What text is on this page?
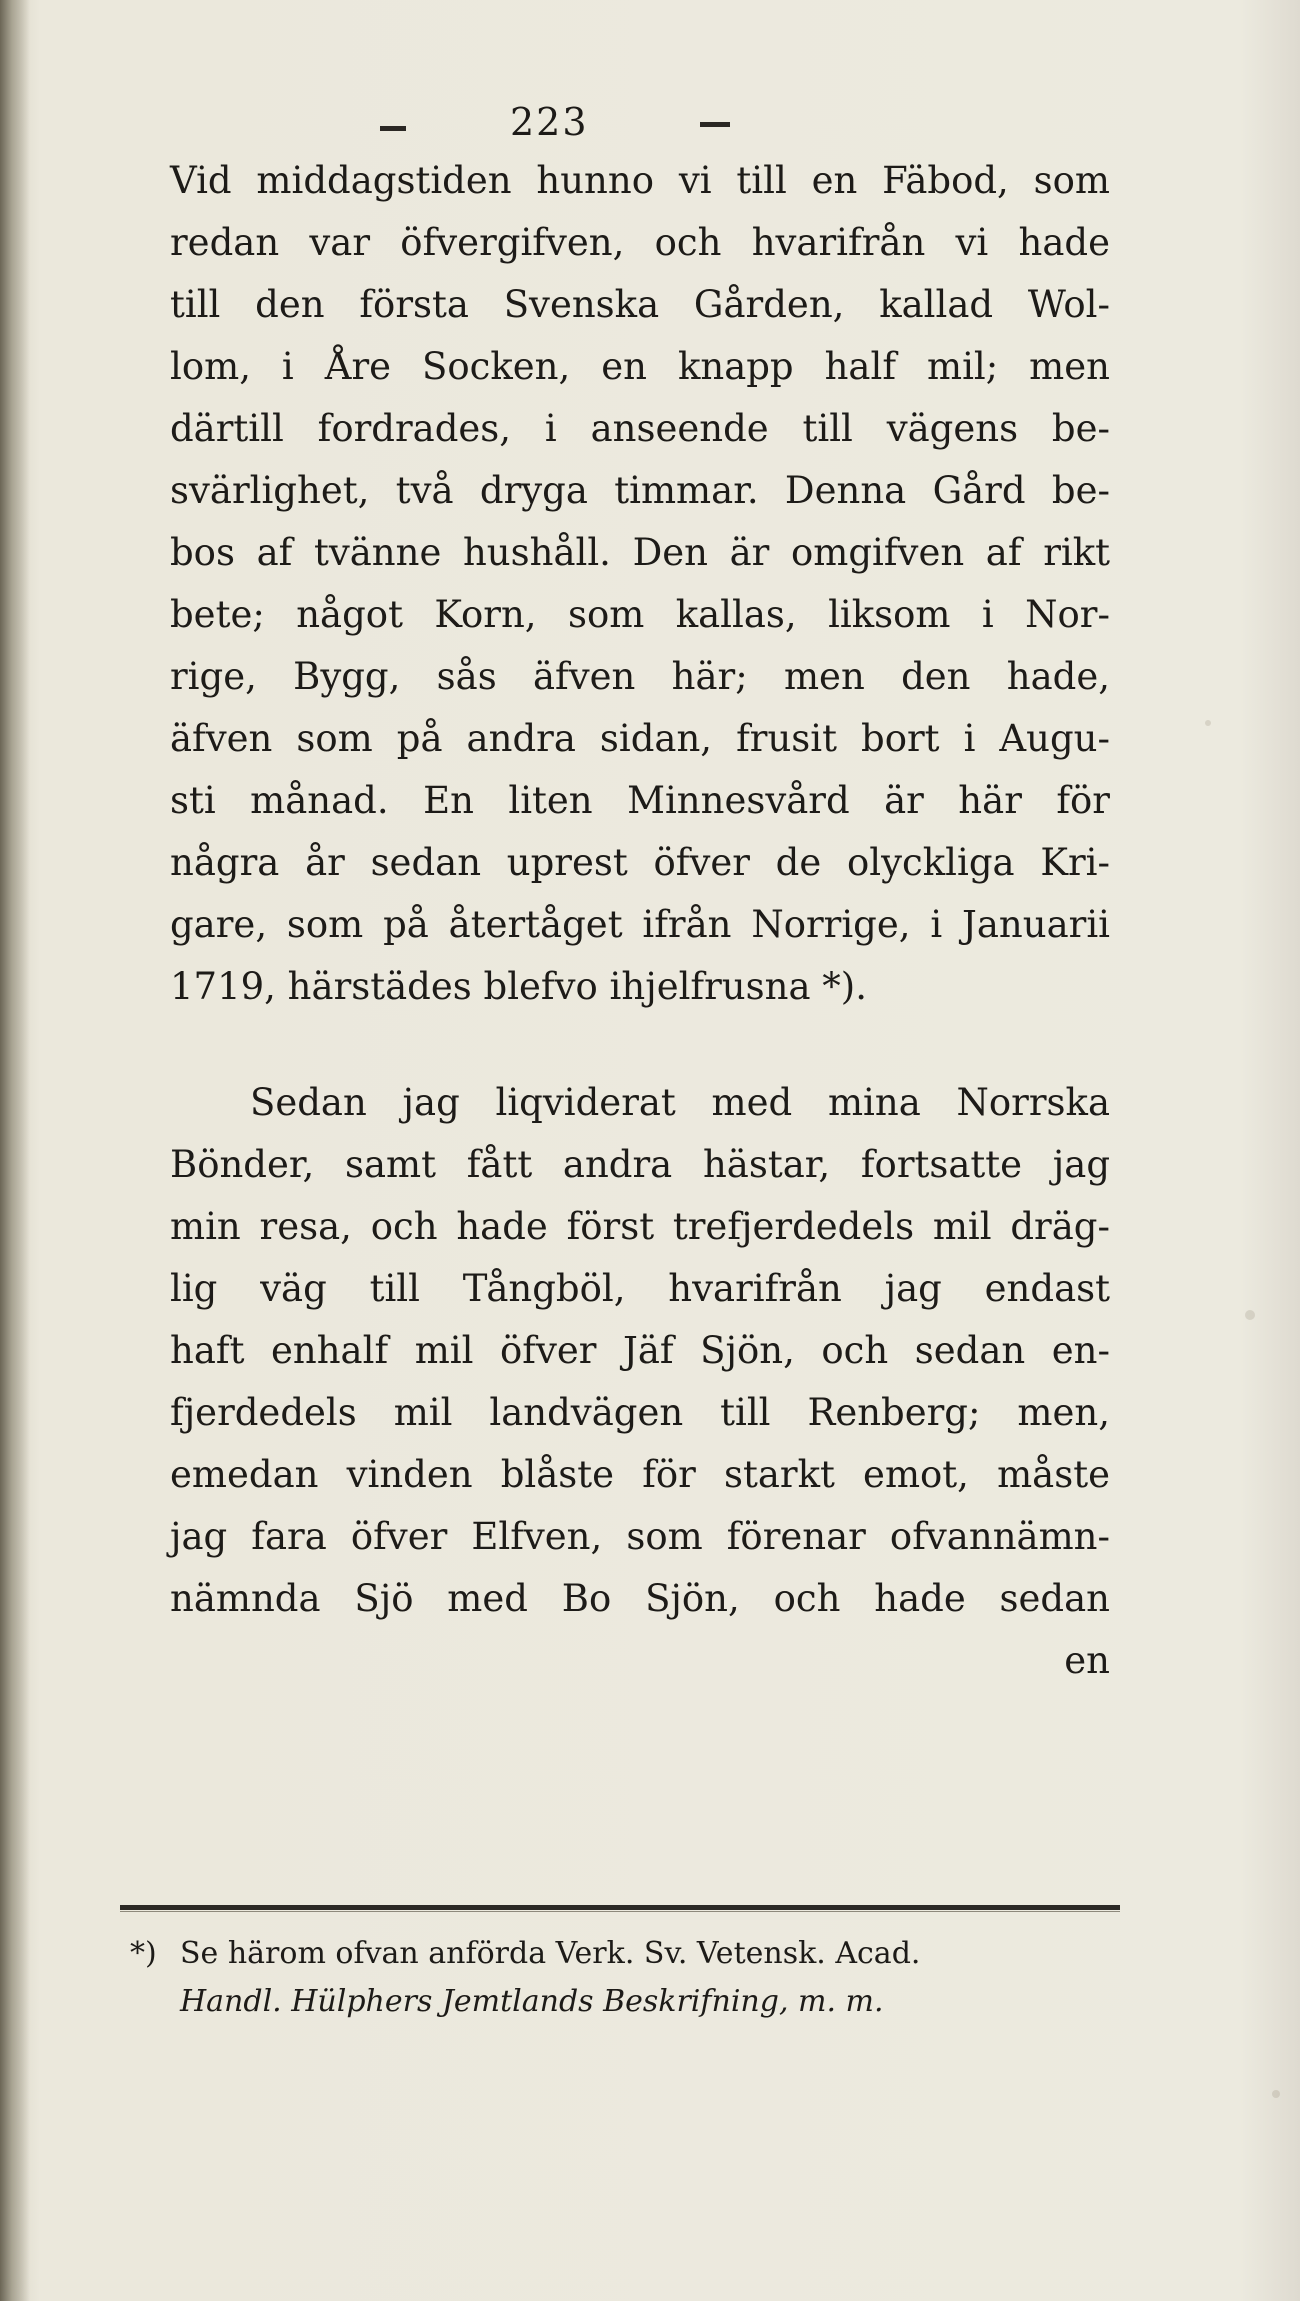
223
Vid middagstiden hunno vi till en Fäbod, som
redan var öfvergifven, och hvarifrån vi hade
till den första Svenska Gården, kallad Wol-
lom, i Åre Socken, en knapp half mil; men
därtill fordrades, i anseende till vägens be-
svärlighet, två drygа timmar. Denna Gård be-
bos af tvänne hushåll. Den är omgifven af rikt
bete; något Korn, som kallas, liksom i Nor-
rige, Bygg, sås äfven här; men den hade,
äfven som på andra sidan, frusit bort i Augu-
sti månad. En liten Minnesvård är här för
några år sedan uprest öfver de olyckliga Kri-
gare, som på återtåget ifrån Norrige, i Januarii
1719, härstädes blefvo ihjelfrusna *).
Sedan jag liqviderat med mina Norrska
Bönder, samt fått andra hästar, fortsatte jag
min resa, och hade först trefjerdedels mil dräg-
lig väg till Tångböl, hvarifrån jag endast
haft enhalf mil öfver Jäf Sjön, och sedan en-
fjerdedels mil landvägen till Renberg; men,
emedan vinden blåste för starkt emot, måste
jag fara öfver Elfven, som förenar ofvannämn-
nämnda Sjö med Bo Sjön, och hade sedan
en
*) Se härom ofvan anförda Verk. Sv. Vetensk. Acad.
Handl. Hülphers Jemtlands Beskrifning, m. m.
